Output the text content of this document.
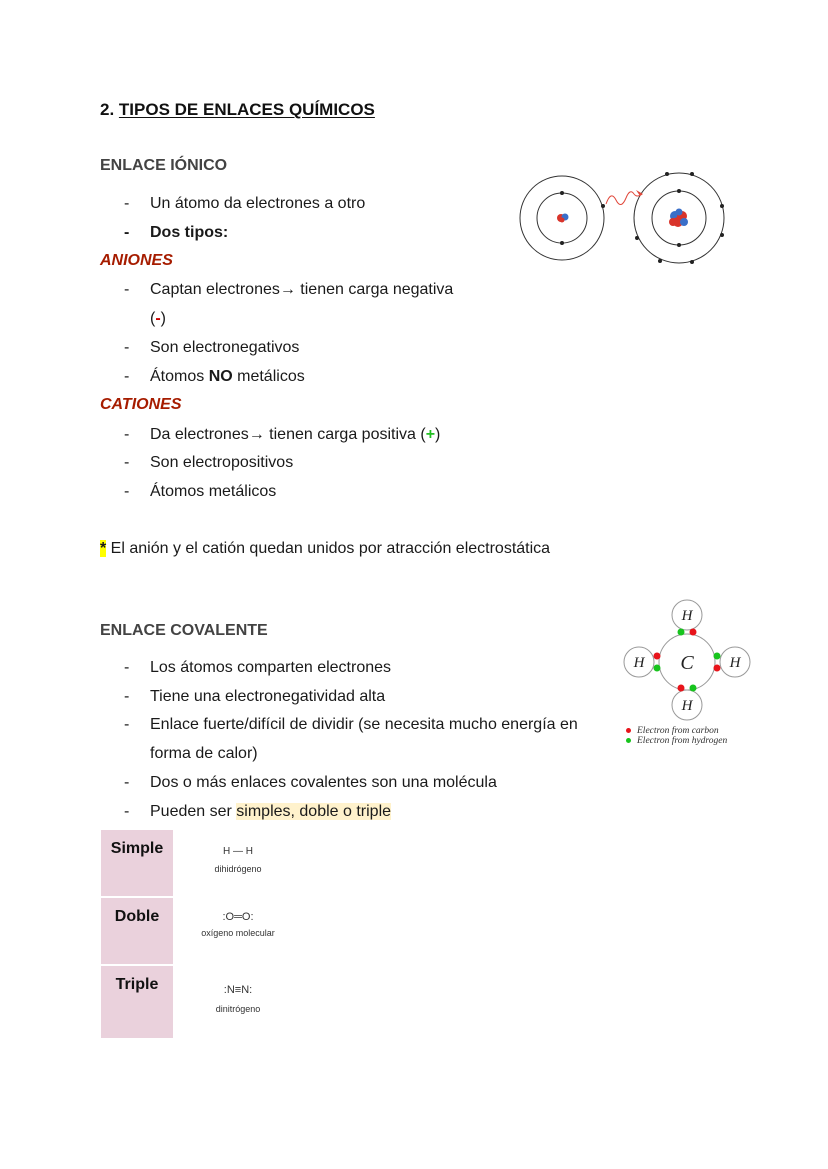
2. TIPOS DE ENLACES QUÍMICOS
ENLACE IÓNICO
- Un átomo da electrones a otro
- Dos tipos:
ANIONES
- Captan electrones→ tienen carga negativa
(-)
- Son electronegativos
- Átomos NO metálicos
CATIONES
- Da electrones→ tienen carga positiva (+)
- Son electropositivos
- Átomos metálicos
* El anión y el catión quedan unidos por atracción electrostática
ENLACE COVALENTE
- Los átomos comparten electrones
- Tiene una electronegatividad alta
- Enlace fuerte/difícil de dividir (se necesita mucho energía en
forma de calor)
- Dos o más enlaces covalentes son una molécula
- Pueden ser simples, doble o triple
C
H
H
H	H
Electron from carbon
Electron from hydrogen
Simple	H — H
dihidrógeno
Doble	:O═O:
oxígeno molecular
Triple	:N≡N:
dinitrógeno
